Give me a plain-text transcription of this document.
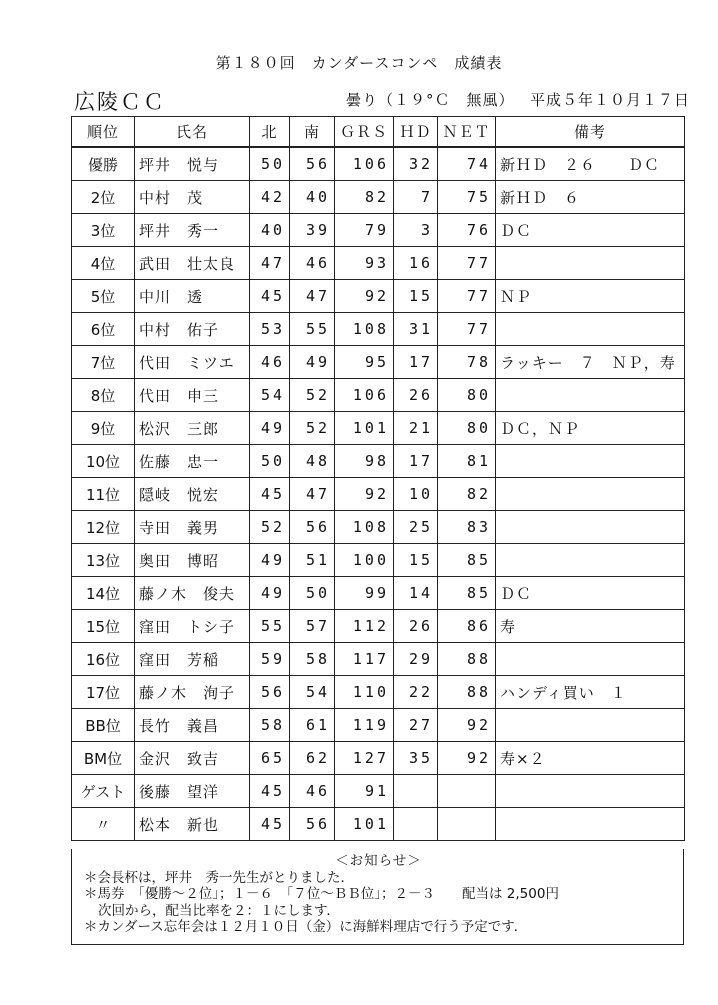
第１８０回　カンダースコンペ　成績表
広陵ＣＣ	曇り（１９°Ｃ　無風） 平成５年１０月１７日
順位	氏名	北	南	ＧＲＳ	ＨＤ	ＮＥＴ	備考
優勝	坪井　悦与	50	56	106	32	74	新ＨＤ　２６　　ＤＣ
2位	中村　茂	42	40	82	7	75	新ＨＤ　６
3位	坪井　秀一	40	39	79	3	76	ＤＣ
4位	武田　壮太良	47	46	93	16	77	
5位	中川　透	45	47	92	15	77	ＮＰ
6位	中村　佑子	53	55	108	31	77	
7位	代田　ミツエ	46	49	95	17	78	ラッキー　７　ＮＰ，寿
8位	代田　申三	54	52	106	26	80	
9位	松沢　三郎	49	52	101	21	80	ＤＣ，ＮＰ
10位	佐藤　忠一	50	48	98	17	81	
11位	隠岐　悦宏	45	47	92	10	82	
12位	寺田　義男	52	56	108	25	83	
13位	奥田　博昭	49	51	100	15	85	
14位	藤ノ木　俊夫	49	50	99	14	85	ＤＣ
15位	窪田　トシ子	55	57	112	26	86	寿
16位	窪田　芳稲	59	58	117	29	88	
17位	藤ノ木　洵子	56	54	110	22	88	ハンディ買い　１
BB位	長竹　義昌	58	61	119	27	92	
BM位	金沢　致吉	65	62	127	35	92	寿×２
ゲスト	後藤　望洋	45	46	91			
〃	松本　新也	45	56	101			
＜お知らせ＞
＊会長杯は，坪井　秀一先生がとりました．
＊馬券　「優勝～２位」；１－６　「７位～ＢＢ位」；２－３　　配当は 2,500円
次回から，配当比率を２：１にします．
＊カンダース忘年会は１２月１０日（金）に海鮮料理店で行う予定です．
